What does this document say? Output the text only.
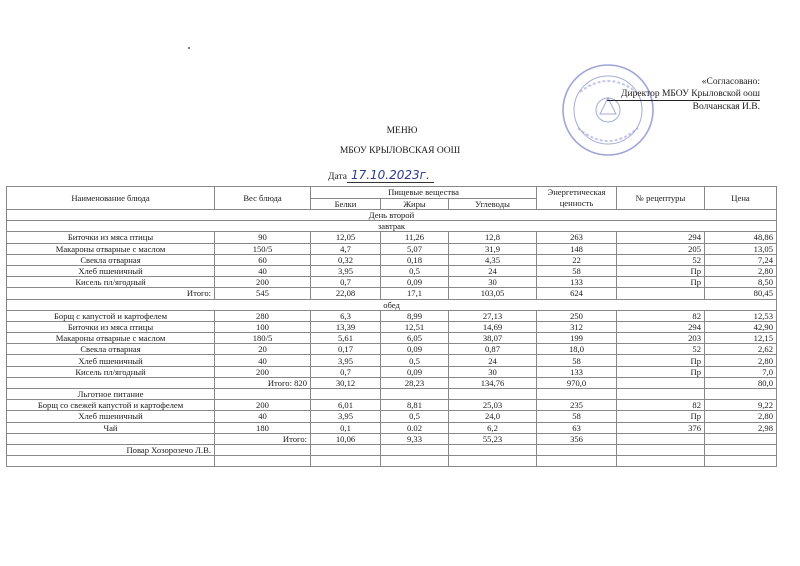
«Согласовано:
Директор МБОУ Крыловской оош
Волчанская И.В.
МЕНЮ
МБОУ КРЫЛОВСКАЯ ООШ
Дата 17.10.2023г.
Наименование блюда	Вес блюда	Пищевые вещества			Энергетическая ценность	№ рецептуры	Цена
		Белки	Жиры	Углеводы			
День второй							
завтрак							
Биточки из мяса птицы	90	12,05	11,26	12,8	263	294	48,86
Макароны отварные с маслом	150/5	4,7	5,07	31,9	148	205	13,05
Свекла отварная	60	0,32	0,18	4,35	22	52	7,24
Хлеб пшеничный	40	3,95	0,5	24	58	Пр	2,80
Кисель пл/ягодный	200	0,7	0,09	30	133	Пр	8,50
Итого:	545	22,08	17,1	103,05	624		80,45
обед							
Борщ с капустой и картофелем	280	6,3	8,99	27,13	250	82	12,53
Биточки из мяса птицы	100	13,39	12,51	14,69	312	294	42,90
Макароны отварные с маслом	180/5	5,61	6,05	38,07	199	203	12,15
Свекла отварная	20	0,17	0,09	0,87	18,0	52	2,62
Хлеб пшеничный	40	3,95	0,5	24	58	Пр	2,80
Кисель пл/ягодный	200	0,7	0,09	30	133	Пр	7,0
	Итого: 820	30,12	28,23	134,76	970,0		80,0
Льготное питание							
Борщ со свежей капустой и картофелем	200	6,01	8,81	25,03	235	82	9,22
Хлеб пшеничный	40	3,95	0,5	24,0	58	Пр	2,80
Чай	180	0,1	0.02	6,2	63	376	2,98
	Итого:	10,06	9,33	55,23	356		
Повар Хозорозечо Л.В.							
